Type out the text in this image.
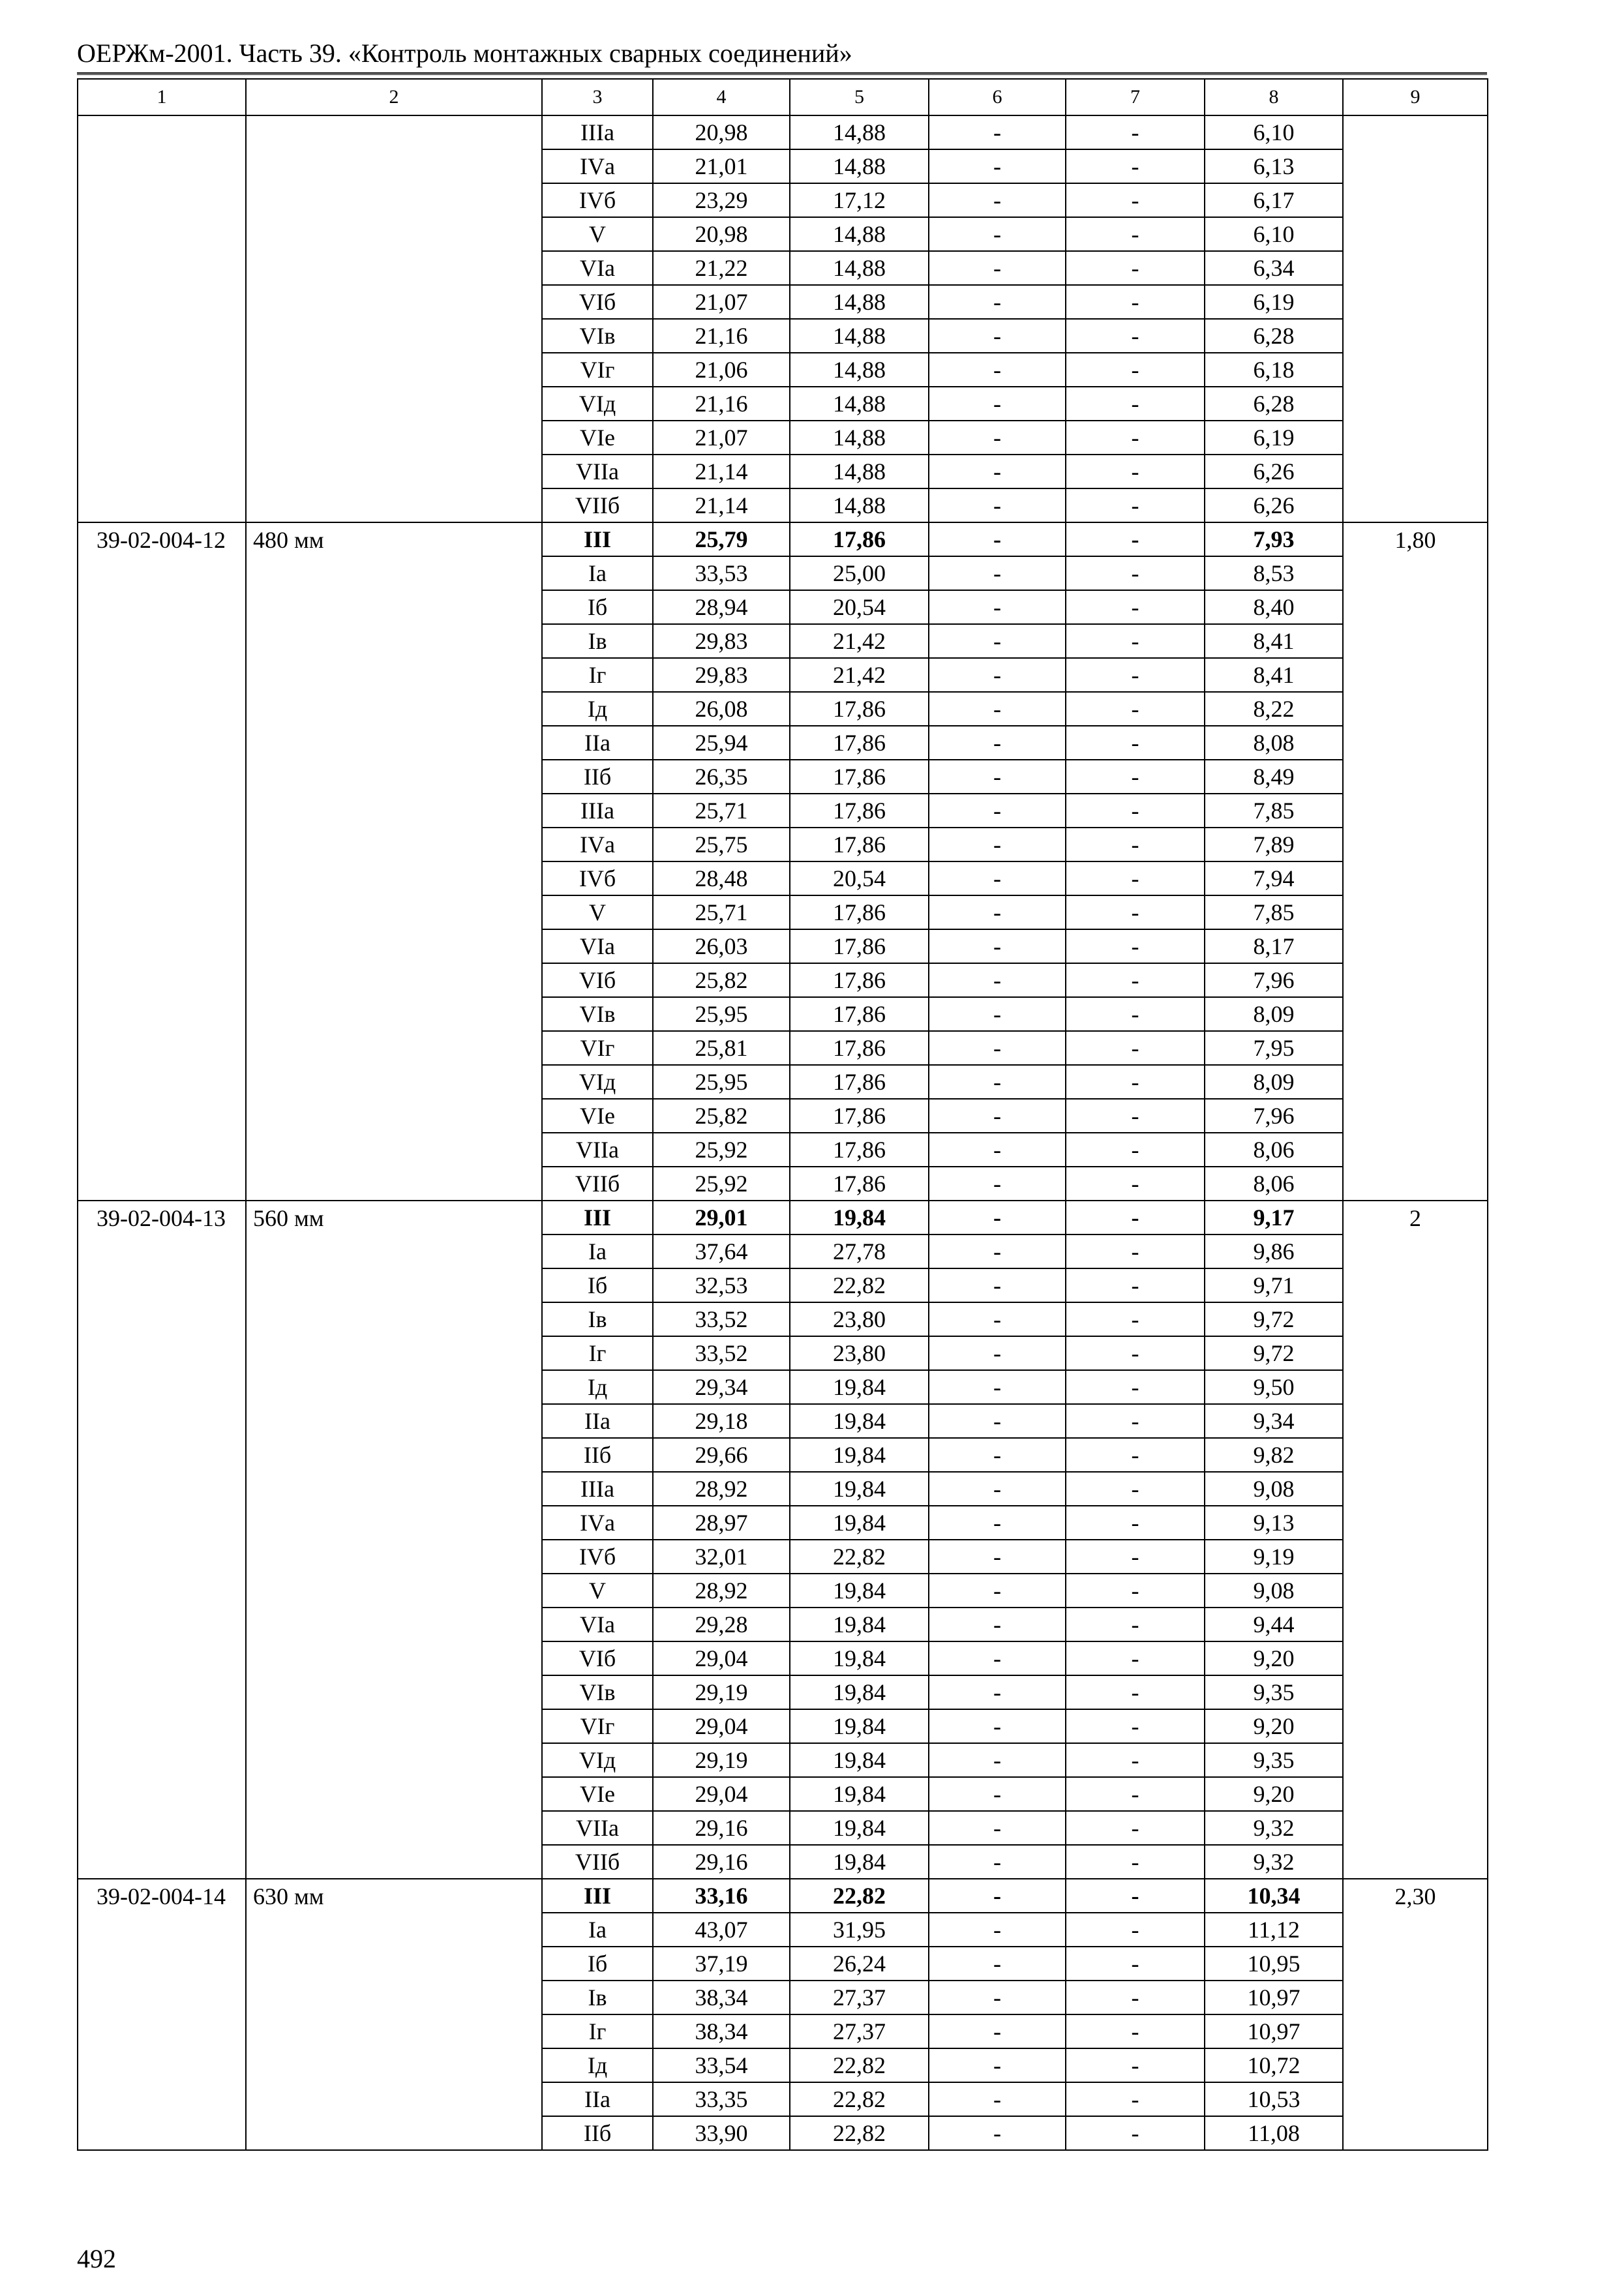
ОЕРЖм-2001. Часть 39. «Контроль монтажных сварных соединений»
1	2	3	4	5	6	7	8	9
		IIIа	20,98	14,88	-	-	6,10	
		IVа	21,01	14,88	-	-	6,13	
		IVб	23,29	17,12	-	-	6,17	
		V	20,98	14,88	-	-	6,10	
		VIа	21,22	14,88	-	-	6,34	
		VIб	21,07	14,88	-	-	6,19	
		VIв	21,16	14,88	-	-	6,28	
		VIг	21,06	14,88	-	-	6,18	
		VIд	21,16	14,88	-	-	6,28	
		VIе	21,07	14,88	-	-	6,19	
		VIIа	21,14	14,88	-	-	6,26	
		VIIб	21,14	14,88	-	-	6,26	
39-02-004-12	480 мм	III	25,79	17,86	-	-	7,93	1,80
		Iа	33,53	25,00	-	-	8,53	
		Iб	28,94	20,54	-	-	8,40	
		Iв	29,83	21,42	-	-	8,41	
		Iг	29,83	21,42	-	-	8,41	
		Iд	26,08	17,86	-	-	8,22	
		IIа	25,94	17,86	-	-	8,08	
		IIб	26,35	17,86	-	-	8,49	
		IIIа	25,71	17,86	-	-	7,85	
		IVа	25,75	17,86	-	-	7,89	
		IVб	28,48	20,54	-	-	7,94	
		V	25,71	17,86	-	-	7,85	
		VIа	26,03	17,86	-	-	8,17	
		VIб	25,82	17,86	-	-	7,96	
		VIв	25,95	17,86	-	-	8,09	
		VIг	25,81	17,86	-	-	7,95	
		VIд	25,95	17,86	-	-	8,09	
		VIе	25,82	17,86	-	-	7,96	
		VIIа	25,92	17,86	-	-	8,06	
		VIIб	25,92	17,86	-	-	8,06	
39-02-004-13	560 мм	III	29,01	19,84	-	-	9,17	2
		Iа	37,64	27,78	-	-	9,86	
		Iб	32,53	22,82	-	-	9,71	
		Iв	33,52	23,80	-	-	9,72	
		Iг	33,52	23,80	-	-	9,72	
		Iд	29,34	19,84	-	-	9,50	
		IIа	29,18	19,84	-	-	9,34	
		IIб	29,66	19,84	-	-	9,82	
		IIIа	28,92	19,84	-	-	9,08	
		IVа	28,97	19,84	-	-	9,13	
		IVб	32,01	22,82	-	-	9,19	
		V	28,92	19,84	-	-	9,08	
		VIа	29,28	19,84	-	-	9,44	
		VIб	29,04	19,84	-	-	9,20	
		VIв	29,19	19,84	-	-	9,35	
		VIг	29,04	19,84	-	-	9,20	
		VIд	29,19	19,84	-	-	9,35	
		VIе	29,04	19,84	-	-	9,20	
		VIIа	29,16	19,84	-	-	9,32	
		VIIб	29,16	19,84	-	-	9,32	
39-02-004-14	630 мм	III	33,16	22,82	-	-	10,34	2,30
		Iа	43,07	31,95	-	-	11,12	
		Iб	37,19	26,24	-	-	10,95	
		Iв	38,34	27,37	-	-	10,97	
		Iг	38,34	27,37	-	-	10,97	
		Iд	33,54	22,82	-	-	10,72	
		IIа	33,35	22,82	-	-	10,53	
		IIб	33,90	22,82	-	-	11,08	
492
